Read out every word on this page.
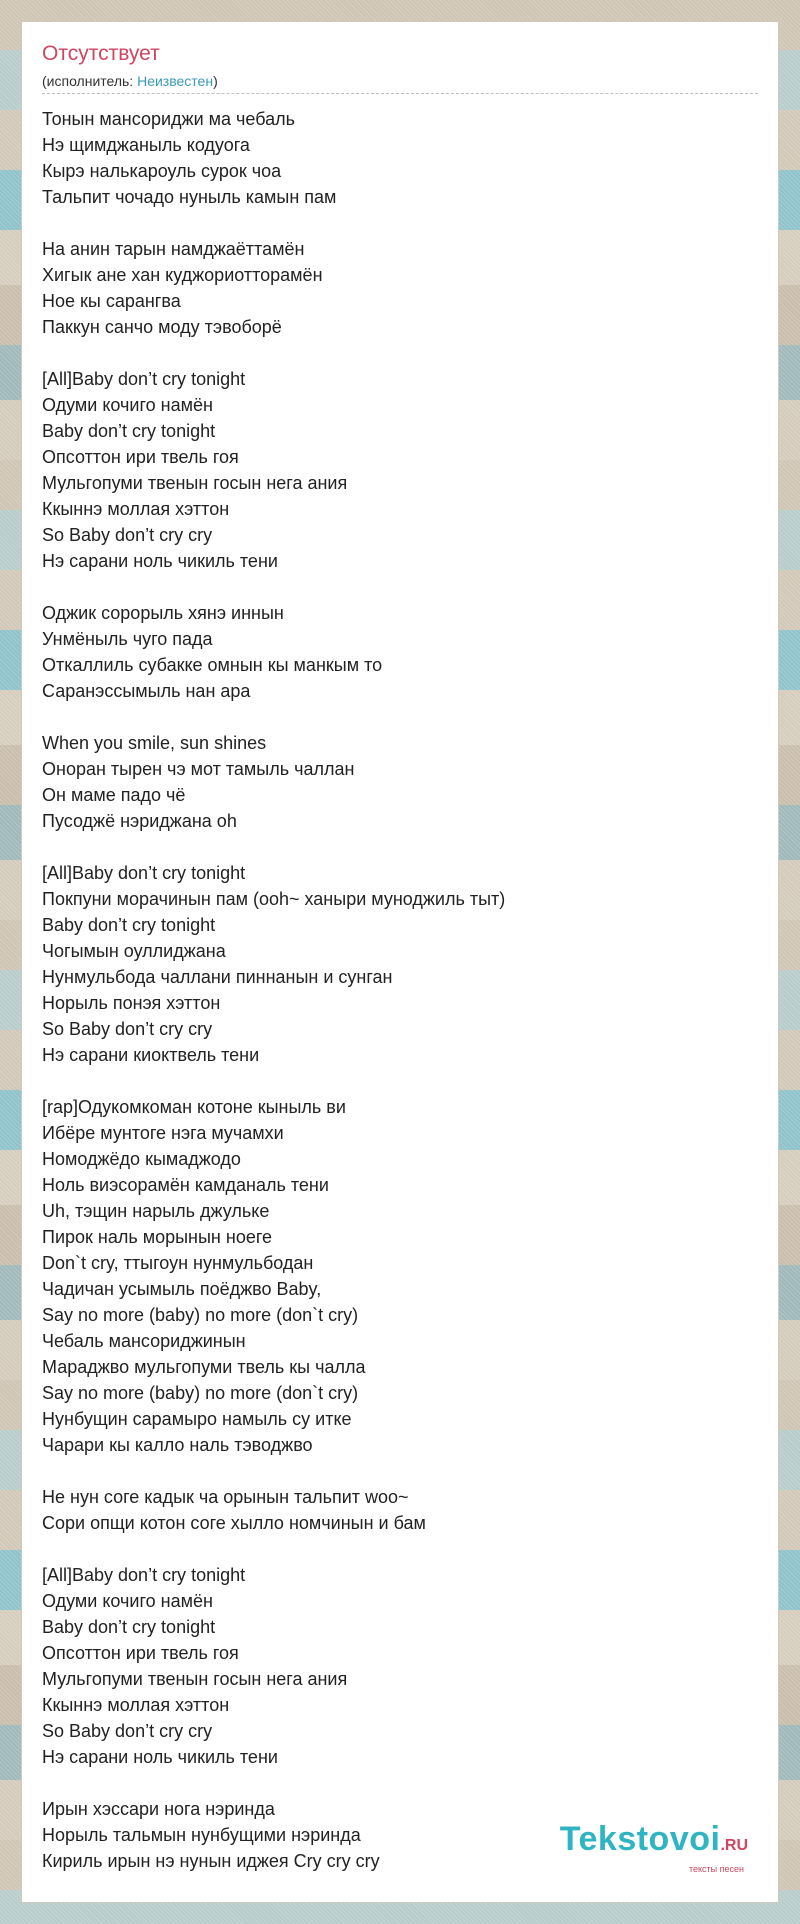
Отсутствует
(исполнитель: Неизвестен)
Тонын мансориджи ма чебаль
Нэ щимджаныль кодуога
Кырэ налькароуль сурок чоа
Тальпит чочадо нуныль камын пам
На анин тарын намджаёттамён
Хигык ане хан куджориотторамён
Ное кы сарангва
Паккун санчо моду тэвоборё
[All]Baby don’t cry tonight
Одуми кочиго намён
Baby don’t cry tonight
Опсоттон ири твель гоя
Мульгопуми твенын госын нега ания
Ккыннэ моллая хэттон
So Baby don’t cry cry
Нэ сарани ноль чикиль тени
Оджик сорорыль хянэ иннын
Унмёныль чуго пада
Откаллиль субакке омнын кы манкым то
Саранэссымыль нан ара
When you smile, sun shines
Оноран тырен чэ мот тамыль чаллан
Он маме падо чё
Пусоджё нэриджана oh
[All]Baby don’t cry tonight
Покпуни морачинын пам (ooh~ ханыри муноджиль тыт)
Baby don’t cry tonight
Чогымын оуллиджана
Нунмульбода чаллани пиннанын и сунган
Норыль понэя хэттон
So Baby don’t cry cry
Нэ сарани киоктвель тени
[rap]Одукомкоман котоне кыныль ви
Ибёре мунтоге нэга мучамхи
Номоджёдо кымаджодо
Ноль виэсорамён камданаль тени
Uh, тэщин нарыль джульке
Пирок наль морынын ноеге
Don`t cry, ттыгоун нунмульбодан
Чадичан усымыль поёджво Baby,
Say no more (baby) no more (don`t cry)
Чебаль мансориджинын
Мараджво мульгопуми твель кы чалла
Say no more (baby) no more (don`t cry)
Нунбущин сарамыро намыль су итке
Чарари кы калло наль тэводжво
Не нун соге кадык ча орынын тальпит woo~
Сори опщи котон соге хылло номчинын и бам
[All]Baby don’t cry tonight
Одуми кочиго намён
Baby don’t cry tonight
Опсоттон ири твель гоя
Мульгопуми твенын госын нега ания
Ккыннэ моллая хэттон
So Baby don’t cry cry
Нэ сарани ноль чикиль тени
Ирын хэссари нога нэринда
Норыль тальмын нунбущими нэринда
Кириль ирын нэ нунын иджея Cry cry cry
Tekstovoi.RU
тексты песен
